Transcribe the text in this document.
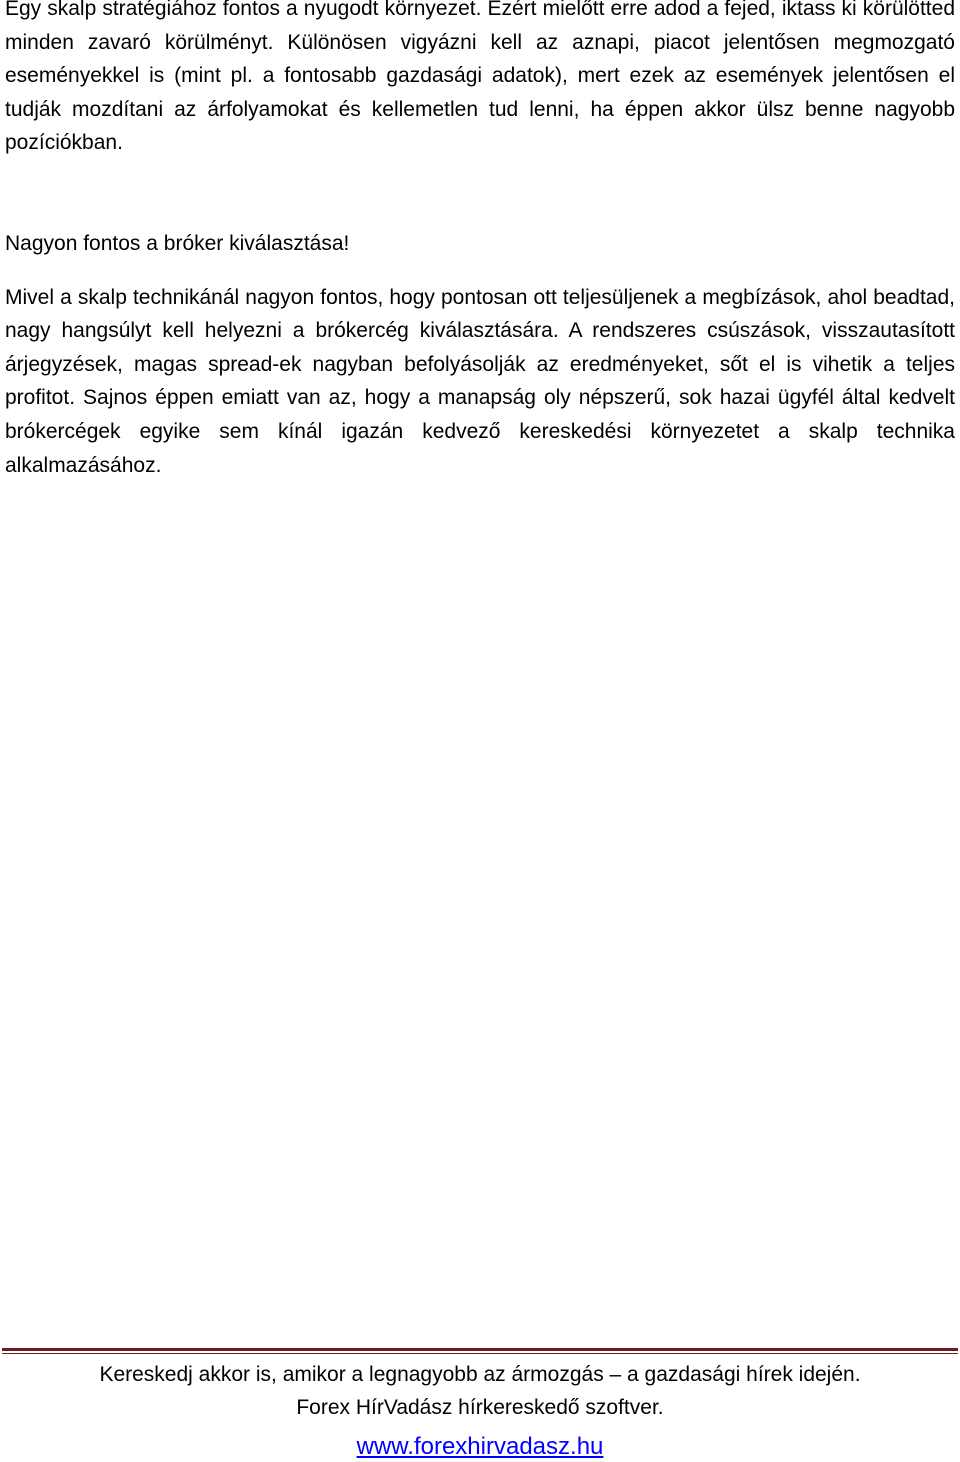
Egy skalp stratégiához fontos a nyugodt környezet. Ezért mielőtt erre adod a fejed, iktass ki körülötted minden zavaró körülményt. Különösen vigyázni kell az aznapi, piacot jelentősen megmozgató eseményekkel is (mint pl. a fontosabb gazdasági adatok), mert ezek az események jelentősen el tudják mozdítani az árfolyamokat és kellemetlen tud lenni, ha éppen akkor ülsz benne nagyobb pozíciókban.

Nagyon fontos a bróker kiválasztása!

Mivel a skalp technikánál nagyon fontos, hogy pontosan ott teljesüljenek a megbízások, ahol beadtad, nagy hangsúlyt kell helyezni a brókercég kiválasztására. A rendszeres csúszások, visszautasított árjegyzések, magas spread-ek nagyban befolyásolják az eredményeket, sőt el is vihetik a teljes profitot. Sajnos éppen emiatt van az, hogy a manapság oly népszerű, sok hazai ügyfél által kedvelt brókercégek egyike sem kínál igazán kedvező kereskedési környezetet a skalp technika alkalmazásához.

Kereskedj akkor is, amikor a legnagyobb az ármozgás – a gazdasági hírek idején.
Forex HírVadász hírkereskedő szoftver.
www.forexhirvadasz.hu
